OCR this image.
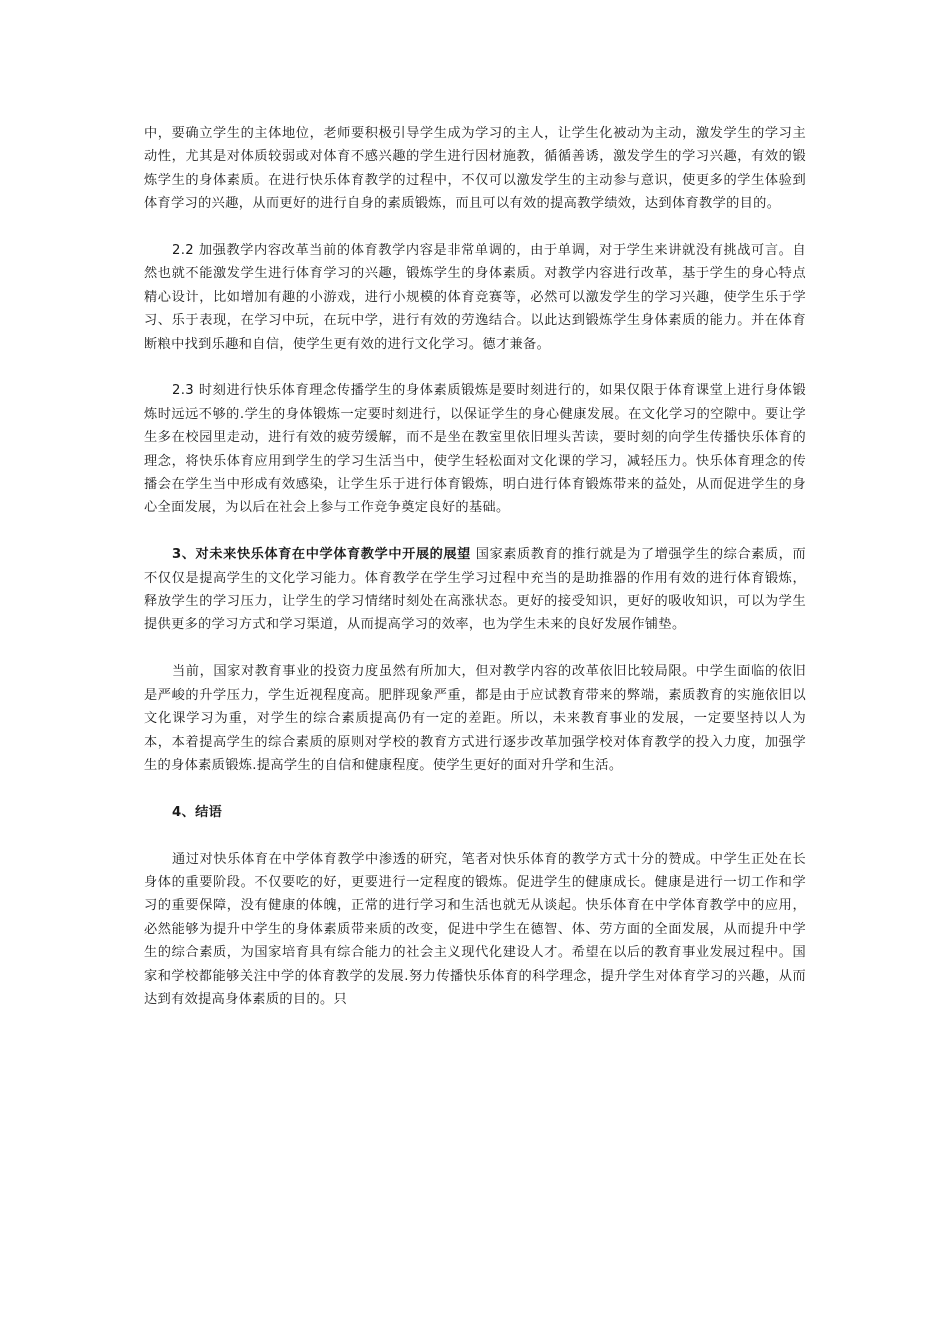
中，要确立学生的主体地位，老师要积极引导学生成为学习的主人，让学生化被动为主动，激发学生的学习主动性，尤其是对体质较弱或对体育不感兴趣的学生进行因材施教，循循善诱，激发学生的学习兴趣，有效的锻炼学生的身体素质。在进行快乐体育教学的过程中，不仅可以激发学生的主动参与意识，使更多的学生体验到体育学习的兴趣，从而更好的进行自身的素质锻炼，而且可以有效的提高教学绩效，达到体育教学的目的。

2.2 加强教学内容改革当前的体育教学内容是非常单调的，由于单调，对于学生来讲就没有挑战可言。自然也就不能激发学生进行体育学习的兴趣，锻炼学生的身体素质。对教学内容进行改革，基于学生的身心特点精心设计，比如增加有趣的小游戏，进行小规模的体育竞赛等，必然可以激发学生的学习兴趣，使学生乐于学习、乐于表现，在学习中玩，在玩中学，进行有效的劳逸结合。以此达到锻炼学生身体素质的能力。并在体育断粮中找到乐趣和自信，使学生更有效的进行文化学习。德才兼备。

2.3 时刻进行快乐体育理念传播学生的身体素质锻炼是要时刻进行的，如果仅限于体育课堂上进行身体锻炼时远远不够的.学生的身体锻炼一定要时刻进行，以保证学生的身心健康发展。在文化学习的空隙中。要让学生多在校园里走动，进行有效的疲劳缓解，而不是坐在教室里依旧埋头苦读，要时刻的向学生传播快乐体育的理念，将快乐体育应用到学生的学习生活当中，使学生轻松面对文化课的学习，减轻压力。快乐体育理念的传播会在学生当中形成有效感染，让学生乐于进行体育锻炼，明白进行体育锻炼带来的益处，从而促进学生的身心全面发展，为以后在社会上参与工作竞争奠定良好的基础。

3、对未来快乐体育在中学体育教学中开展的展望 国家素质教育的推行就是为了增强学生的综合素质，而不仅仅是提高学生的文化学习能力。体育教学在学生学习过程中充当的是助推器的作用有效的进行体育锻炼，释放学生的学习压力，让学生的学习情绪时刻处在高涨状态。更好的接受知识，更好的吸收知识，可以为学生提供更多的学习方式和学习渠道，从而提高学习的效率，也为学生未来的良好发展作铺垫。

当前，国家对教育事业的投资力度虽然有所加大，但对教学内容的改革依旧比较局限。中学生面临的依旧是严峻的升学压力，学生近视程度高。肥胖现象严重，都是由于应试教育带来的弊端，素质教育的实施依旧以文化课学习为重，对学生的综合素质提高仍有一定的差距。所以，未来教育事业的发展，一定要坚持以人为本，本着提高学生的综合素质的原则对学校的教育方式进行逐步改革加强学校对体育教学的投入力度，加强学生的身体素质锻炼.提高学生的自信和健康程度。使学生更好的面对升学和生活。

4、结语

通过对快乐体育在中学体育教学中渗透的研究，笔者对快乐体育的教学方式十分的赞成。中学生正处在长身体的重要阶段。不仅要吃的好，更要进行一定程度的锻炼。促进学生的健康成长。健康是进行一切工作和学习的重要保障，没有健康的体魄，正常的进行学习和生活也就无从谈起。快乐体育在中学体育教学中的应用，必然能够为提升中学生的身体素质带来质的改变，促进中学生在德智、体、劳方面的全面发展，从而提升中学生的综合素质，为国家培育具有综合能力的社会主义现代化建设人才。希望在以后的教育事业发展过程中。国家和学校都能够关注中学的体育教学的发展.努力传播快乐体育的科学理念，提升学生对体育学习的兴趣，从而达到有效提高身体素质的目的。只
